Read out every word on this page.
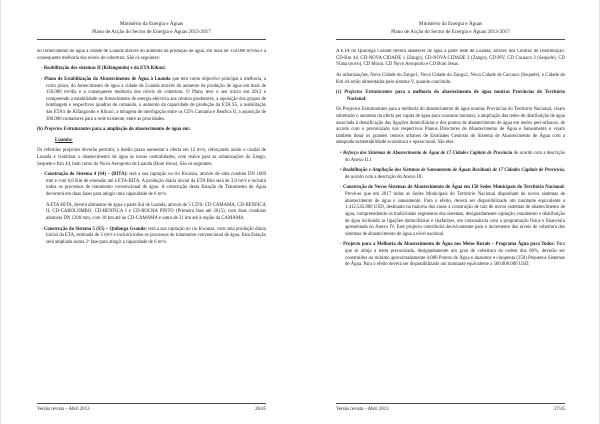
Ministério da Energia e Águas
Plano de Acção do Sector de Energia e Águas 2013-2017

do fornecimento de água à cidade de Luanda através do aumento da produção de água, em mais de 150.000 m³/dia e a consequente melhoria dos níveis de cobertura. São os seguintes:

- Reabilitação dos sistemas II (Kifangondo) e da ETA Kikuxi.

- Plano de Estabilização do Abastecimento de Água à Luanda que tem como objectivo principal a melhoria, a curto prazo, do fornecimento de água à cidade de Luanda através do aumento da produção de água em mais de 150.000 m³/dia e a consequente melhoria dos níveis de cobertura. O Plano teve o seu início em 2012 e compreende a estabilidade no fornecimento de energia eléctrica aos centros produtores, a aquisição dos grupos de bombagem e respectivos quadros de comando, o aumento da capacidade de produção da ETA S5, a reabilitação das ETA's de Kifangondo e Kikuxi, a tubagem de interligação entre os CD's Camama e Benfica II, a aquisição de 300.000 contadores para a rede existente, entre as prioridades.

(b) Projectos Estruturantes para a ampliação do abastecimento de água em:

Luanda:

Os referidos projectos deverão permitir, a médio prazo aumentar a oferta em 12 m³/s, reforçando assim o caudal de Luanda e viabilizar o abastecimento de água às novas centralidades, com realce para as urbanizações do Zango, Sequele e Km 44, bem como do Novo Aeroporto de Luanda (Bom Jesus). São os seguintes:

- Construção do Sistema 4 (S4) – (BITA): terá a sua captação no rio Kwanza, através de uma conduta DN 1600 mm e com 6,0 Km de extensão até à ETA-BITA. A produção diária inicial da ETA Bita será de 3,0 m³/s e incluirá todos os processos de tratamento convencional de água. A construção desta Estação de Tratamento de Água decorrerá em duas fases para atingir uma capacidade de 6 m³/s.

A ETA-BITA, deverá alimentar de água a parte Sul de Luanda, através de 5 CD'S: CD CAMAMA, CD-BENFICA II, CD-CABOLOMBO, CD-BENFICA I e CD-ROCHA PINTO (Primeira fase até 2015), com duas condutas adutoras DN 1200 mm, com 18 km até ao CD-CAMAMA e outra de 21 km até à região da CAMAMA.

- Construção do Sistema 5 (S5) – Quilonga Grande: terá a sua captação no rio Kwanza, com uma produção diária inicial da ETA, estimada de 3 m³/s e incluirá todos os processos de tratamento convencional de água. Esta Estação será ampliada numa 2ª fase para atingir a capacidade de 6 m³/s.

Versão revista – Abril 2013	26/45
Ministério da Energia e Águas
Plano de Acção do Sector de Energia e Águas 2013-2017

A ETA do Quilonga Grande deverá abastecer de água a parte leste de Luanda, através dos Centros de Distribuição: CD-Km 44, CD-NOVA CIDADE 1 (Zango), CD-NOVA CIDADE 2 (Zango), CD-PIV, CD Cacuaco 2 (Sequele), CD Viana (novo), CD Morar, CD Novo Aeroporto e CD Bom Jesus.

As urbanizações, Nova Cidade do Zango1, Nova Cidade do Zango2, Nova Cidade de Cacuaco (Sequele), e Cidade do Km 44 serão alimentadas pelo sistema V, quando concluído.

(c) Projectos Estruturantes para a melhoria do abastecimento de água noutras Províncias do Território Nacional:

Os Projectos Estruturantes para a melhoria do abastecimento de água noutras Províncias do Território Nacional, visam sobretudo o aumento da oferta per capita de água para consumo humano; a ampliação das redes de distribuição de água associada à densificação das ligações domiciliárias e dos pontos de abastecimento de água em meios peri-urbanos, de acordo com o preconizado nos respectivos Planos Directores de Abastecimento de Água e Saneamento e visam também dotar os grandes centros urbanos de Entidades Gestoras do Sistema de Abastecimento de Água com a adequada sustentabilidade económica e operacional. São eles:

• Reforço dos Sistemas de Abastecimento de Água de 17 Cidades Capitais de Província de acordo com a descrição do Anexo II.1

• Reabilitação e Ampliação dos Sistemas de Saneamento de Águas Residuais de 17 Cidades Capitais de Província, de acordo com a descrição do Anexo III.

- Construção de Novos Sistemas de Abastecimento de Água em 150 Sedes Municipais do Território Nacional: Prevê-se que em 2017 todas as Sedes Municipais do Território Nacional disponham de novos sistemas de abastecimento de água e saneamento. Para o efeito, deverá ser disponibilizado um montante equivalente a 1.412.545.000 USD, destinado na maioria dos casos à construção de raiz de novos sistemas de abastecimento de água, compreendendo os tradicionais segmentos dos sistemas, designadamente captação, tratamento e distribuição de água incluindo as ligações domiciliárias e chafarizes, em consonância com a programação física e financeira apresentada no Anexo IV. Este projecto contribuirá decisivamente para o incremento dos níveis de cobertura dos sistemas de abastecimento de água a nível nacional.

- Projecto para a Melhoria do Abastecimento de Água nos Meios Rurais – Programa Água para Todos: Para que se atinja a meta preconizada, designadamente um grau de cobertura da ordem dos 80%, deverão ser construídos no mínimo aproximadamente 4.000 Pontos de Água e duzentos e cinquenta (250) Pequenos Sistemas de Água. Para o efeito deverá ser disponibilizado um montante equivalente a 560.000.000 USD.

Versão revista – Abril 2013	27/45
